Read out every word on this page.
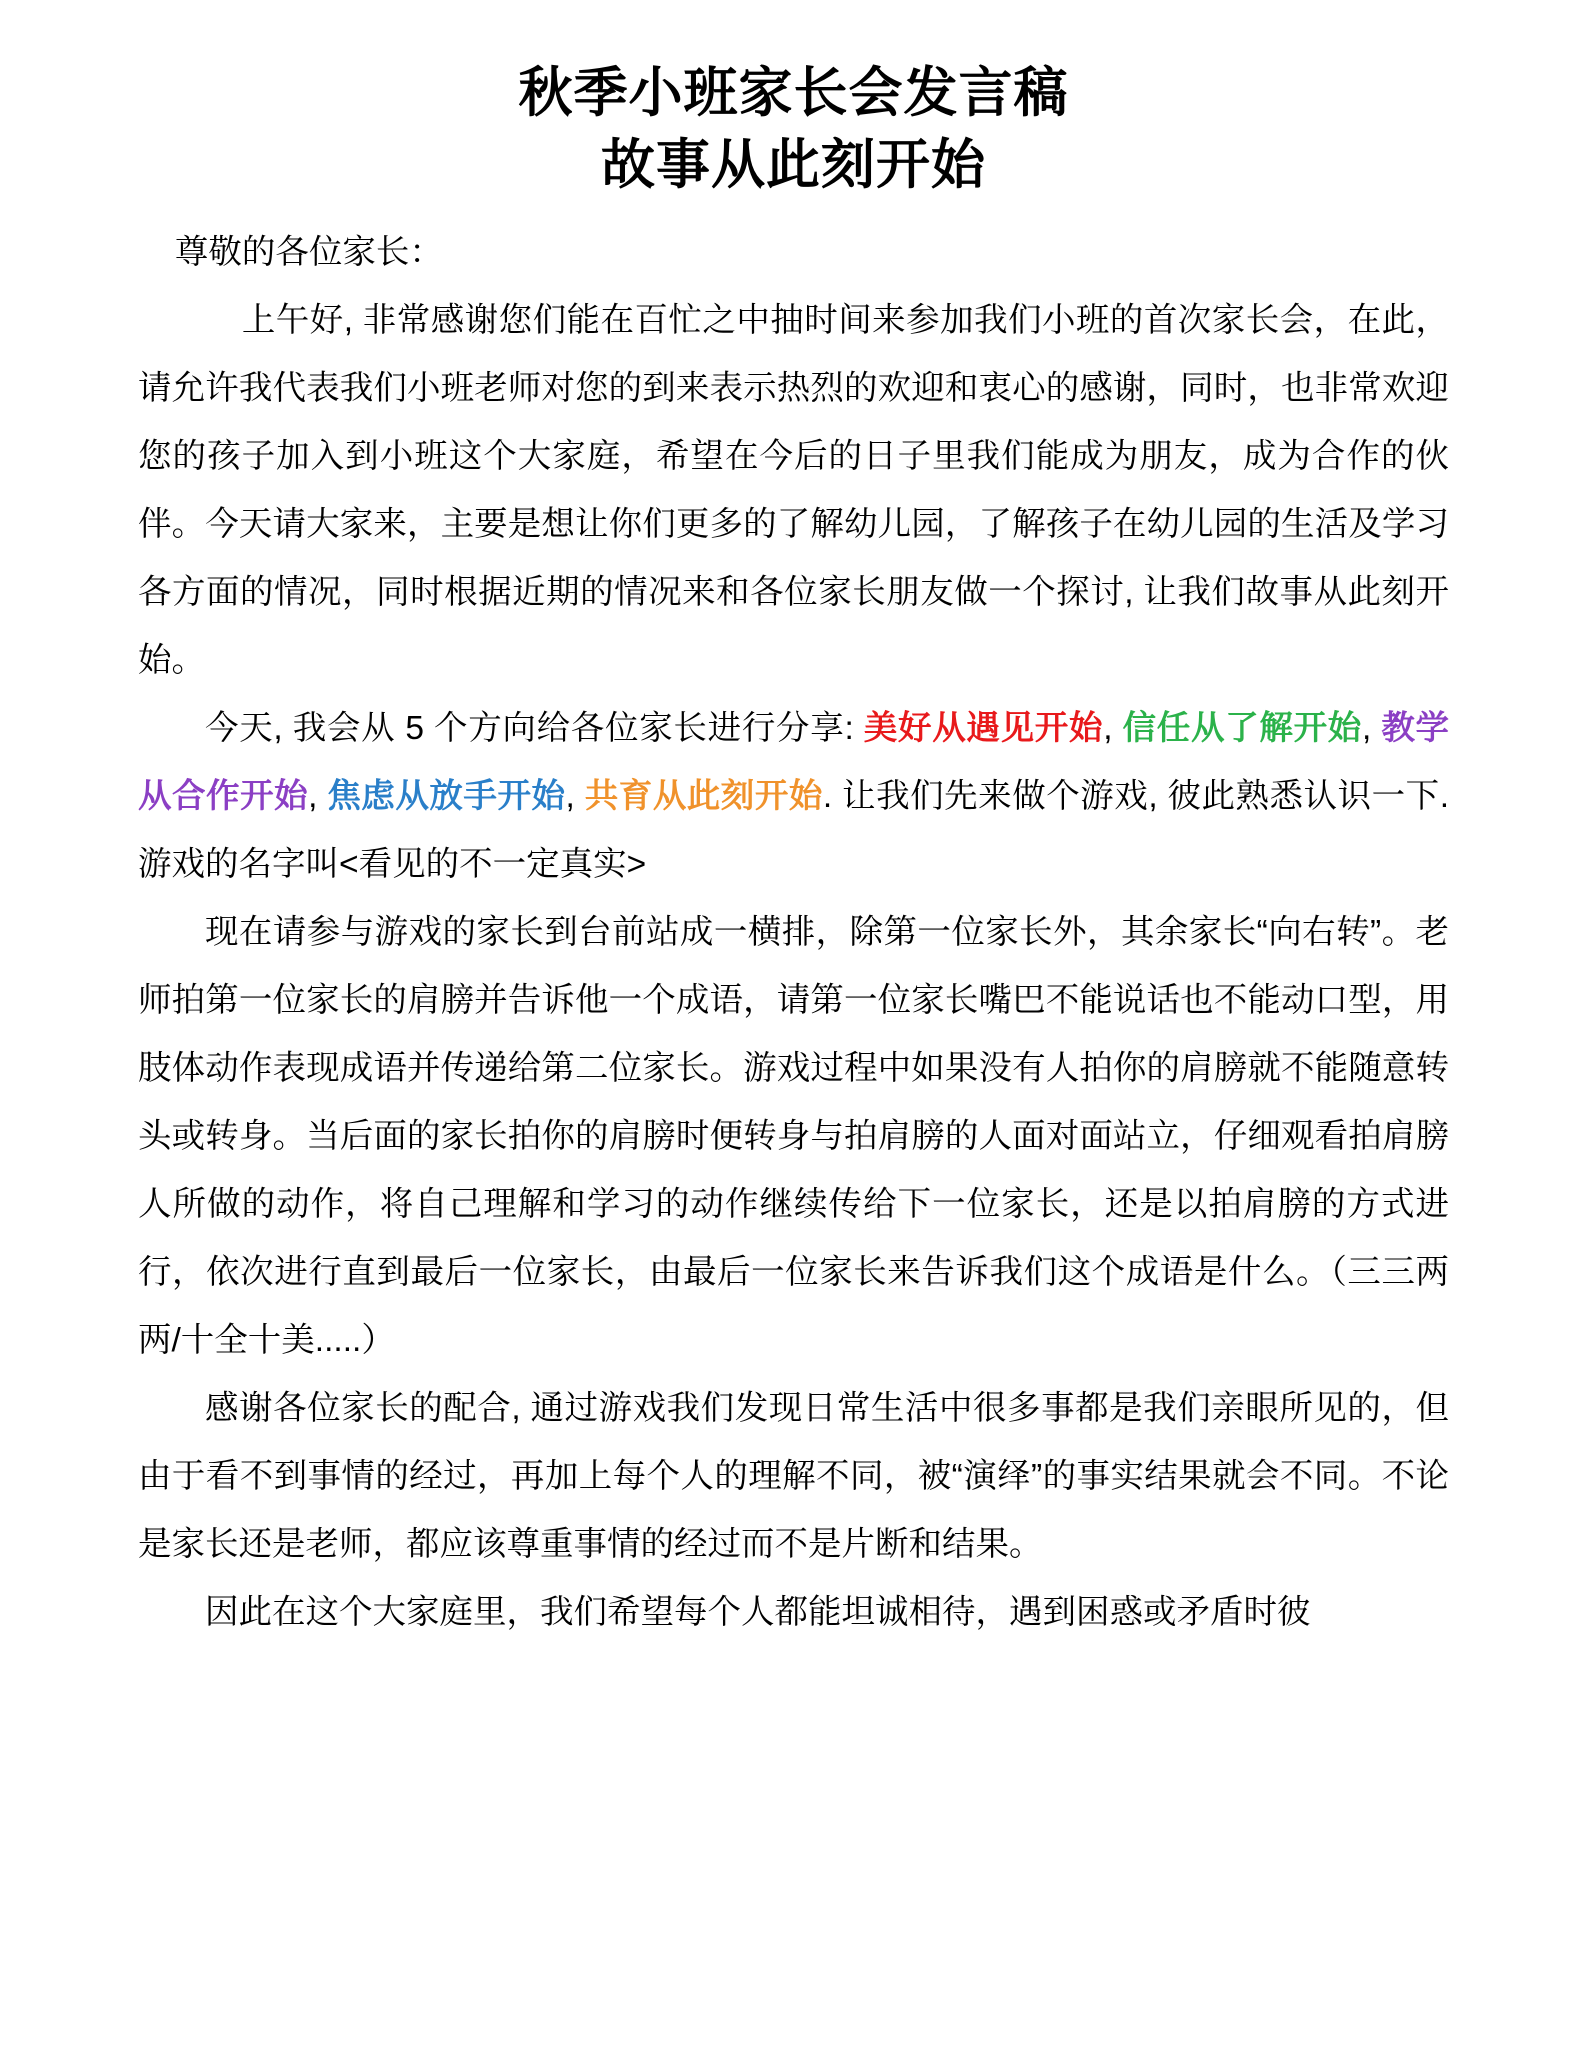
秋季小班家长会发言稿
故事从此刻开始

尊敬的各位家长：

上午好, 非常感谢您们能在百忙之中抽时间来参加我们小班的首次家长会，在此，请允许我代表我们小班老师对您的到来表示热烈的欢迎和衷心的感谢，同时，也非常欢迎您的孩子加入到小班这个大家庭，希望在今后的日子里我们能成为朋友，成为合作的伙伴。今天请大家来，主要是想让你们更多的了解幼儿园，了解孩子在幼儿园的生活及学习各方面的情况，同时根据近期的情况来和各位家长朋友做一个探讨, 让我们故事从此刻开始。

今天, 我会从 5 个方向给各位家长进行分享: 美好从遇见开始, 信任从了解开始, 教学从合作开始, 焦虑从放手开始, 共育从此刻开始. 让我们先来做个游戏, 彼此熟悉认识一下. 游戏的名字叫<看见的不一定真实>

现在请参与游戏的家长到台前站成一横排，除第一位家长外，其余家长“向右转”。老师拍第一位家长的肩膀并告诉他一个成语，请第一位家长嘴巴不能说话也不能动口型，用肢体动作表现成语并传递给第二位家长。游戏过程中如果没有人拍你的肩膀就不能随意转头或转身。当后面的家长拍你的肩膀时便转身与拍肩膀的人面对面站立，仔细观看拍肩膀人所做的动作，将自己理解和学习的动作继续传给下一位家长，还是以拍肩膀的方式进行，依次进行直到最后一位家长，由最后一位家长来告诉我们这个成语是什么。（三三两两/十全十美.....）

感谢各位家长的配合, 通过游戏我们发现日常生活中很多事都是我们亲眼所见的，但由于看不到事情的经过，再加上每个人的理解不同，被“演绎”的事实结果就会不同。不论是家长还是老师，都应该尊重事情的经过而不是片断和结果。

因此在这个大家庭里，我们希望每个人都能坦诚相待，遇到困惑或矛盾时彼
